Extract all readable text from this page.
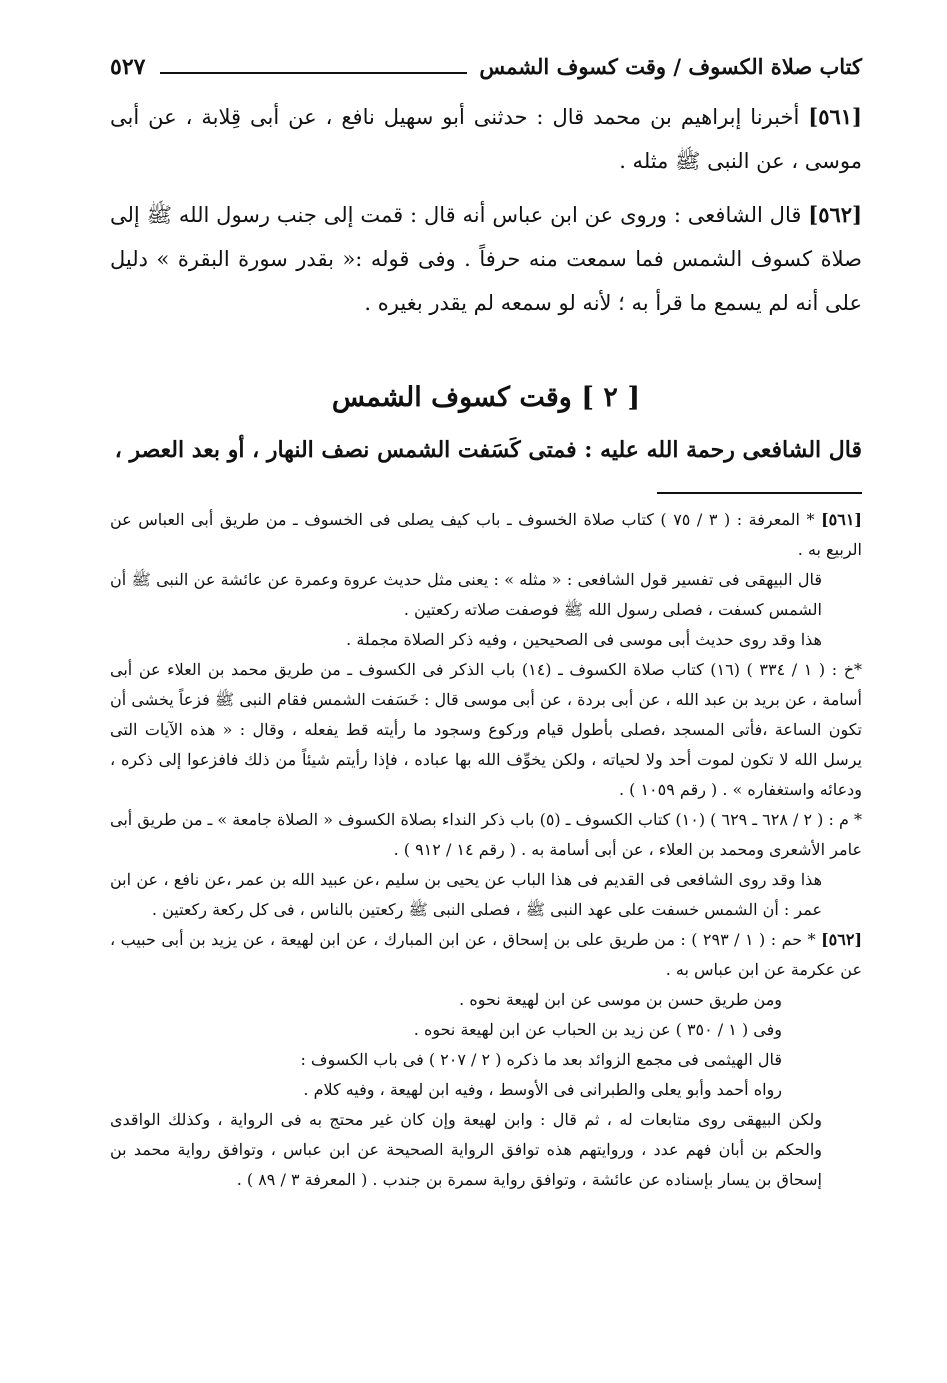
كتاب صلاة الكسوف / وقت كسوف الشمس
٥٢٧

[٥٦١] أخبرنا إبراهيم بن محمد قال : حدثنى أبو سهيل نافع ، عن أبى قِلابة ، عن أبى موسى ، عن النبى ﷺ مثله .

[٥٦٢] قال الشافعى : وروى عن ابن عباس أنه قال : قمت إلى جنب رسول الله ﷺ إلى صلاة كسوف الشمس فما سمعت منه حرفاً . وفى قوله :« بقدر سورة البقرة » دليل على أنه لم يسمع ما قرأ به ؛ لأنه لو سمعه لم يقدر بغيره .

[ ٢ ] وقت كسوف الشمس
قال الشافعى رحمة الله عليه : فمتى كَسَفت الشمس نصف النهار ، أو بعد العصر ،

[٥٦١] * المعرفة : ( ٣ / ٧٥ ) كتاب صلاة الخسوف ـ باب كيف يصلى فى الخسوف ـ من طريق أبى العباس عن الربيع به .

قال البيهقى فى تفسير قول الشافعى : « مثله » : يعنى مثل حديث عروة وعمرة عن عائشة عن النبى ﷺ أن الشمس كسفت ، فصلى رسول الله ﷺ فوصفت صلاته ركعتين .

هذا وقد روى حديث أبى موسى فى الصحيحين ، وفيه ذكر الصلاة مجملة .

*خ : ( ١ / ٣٣٤ ) (١٦) كتاب صلاة الكسوف ـ (١٤) باب الذكر فى الكسوف ـ من طريق محمد بن العلاء عن أبى أسامة ، عن بريد بن عبد الله ، عن أبى بردة ، عن أبى موسى قال : خَسَفت الشمس فقام النبى ﷺ فزعاً يخشى أن تكون الساعة ،فأتى المسجد ،فصلى بأطول قيام وركوع وسجود ما رأيته قط يفعله ، وقال : « هذه الآيات التى يرسل الله لا تكون لموت أحد ولا لحياته ، ولكن يخوِّف الله بها عباده ، فإذا رأيتم شيئاً من ذلك فافزعوا إلى ذكره ، ودعائه واستغفاره » . ( رقم ١٠٥٩ ) .

* م : ( ٢ / ٦٢٨ ـ ٦٢٩ ) (١٠) كتاب الكسوف ـ (٥) باب ذكر النداء بصلاة الكسوف « الصلاة جامعة » ـ من طريق أبى عامر الأشعرى ومحمد بن العلاء ، عن أبى أسامة به . ( رقم ١٤ / ٩١٢ ) .

هذا وقد روى الشافعى فى القديم فى هذا الباب عن يحيى بن سليم ،عن عبيد الله بن عمر ،عن نافع ، عن ابن عمر : أن الشمس خسفت على عهد النبى ﷺ ، فصلى النبى ﷺ ركعتين بالناس ، فى كل ركعة ركعتين .

[٥٦٢] * حم : ( ١ / ٢٩٣ ) : من طريق على بن إسحاق ، عن ابن المبارك ، عن ابن لهيعة ، عن يزيد بن أبى حبيب ، عن عكرمة عن ابن عباس به .

ومن طريق حسن بن موسى عن ابن لهيعة نحوه .

وفى ( ١ / ٣٥٠ ) عن زيد بن الحباب عن ابن لهيعة نحوه .

قال الهيثمى فى مجمع الزوائد بعد ما ذكره ( ٢ / ٢٠٧ ) فى باب الكسوف :

رواه أحمد وأبو يعلى والطبرانى فى الأوسط ، وفيه ابن لهيعة ، وفيه كلام .

ولكن البيهقى روى متابعات له ، ثم قال : وابن لهيعة وإن كان غير محتج به فى الرواية ، وكذلك الواقدى والحكم بن أبان فهم عدد ، وروايتهم هذه توافق الرواية الصحيحة عن ابن عباس ، وتوافق رواية محمد بن إسحاق بن يسار بإسناده عن عائشة ، وتوافق رواية سمرة بن جندب . ( المعرفة ٣ / ٨٩ ) .
